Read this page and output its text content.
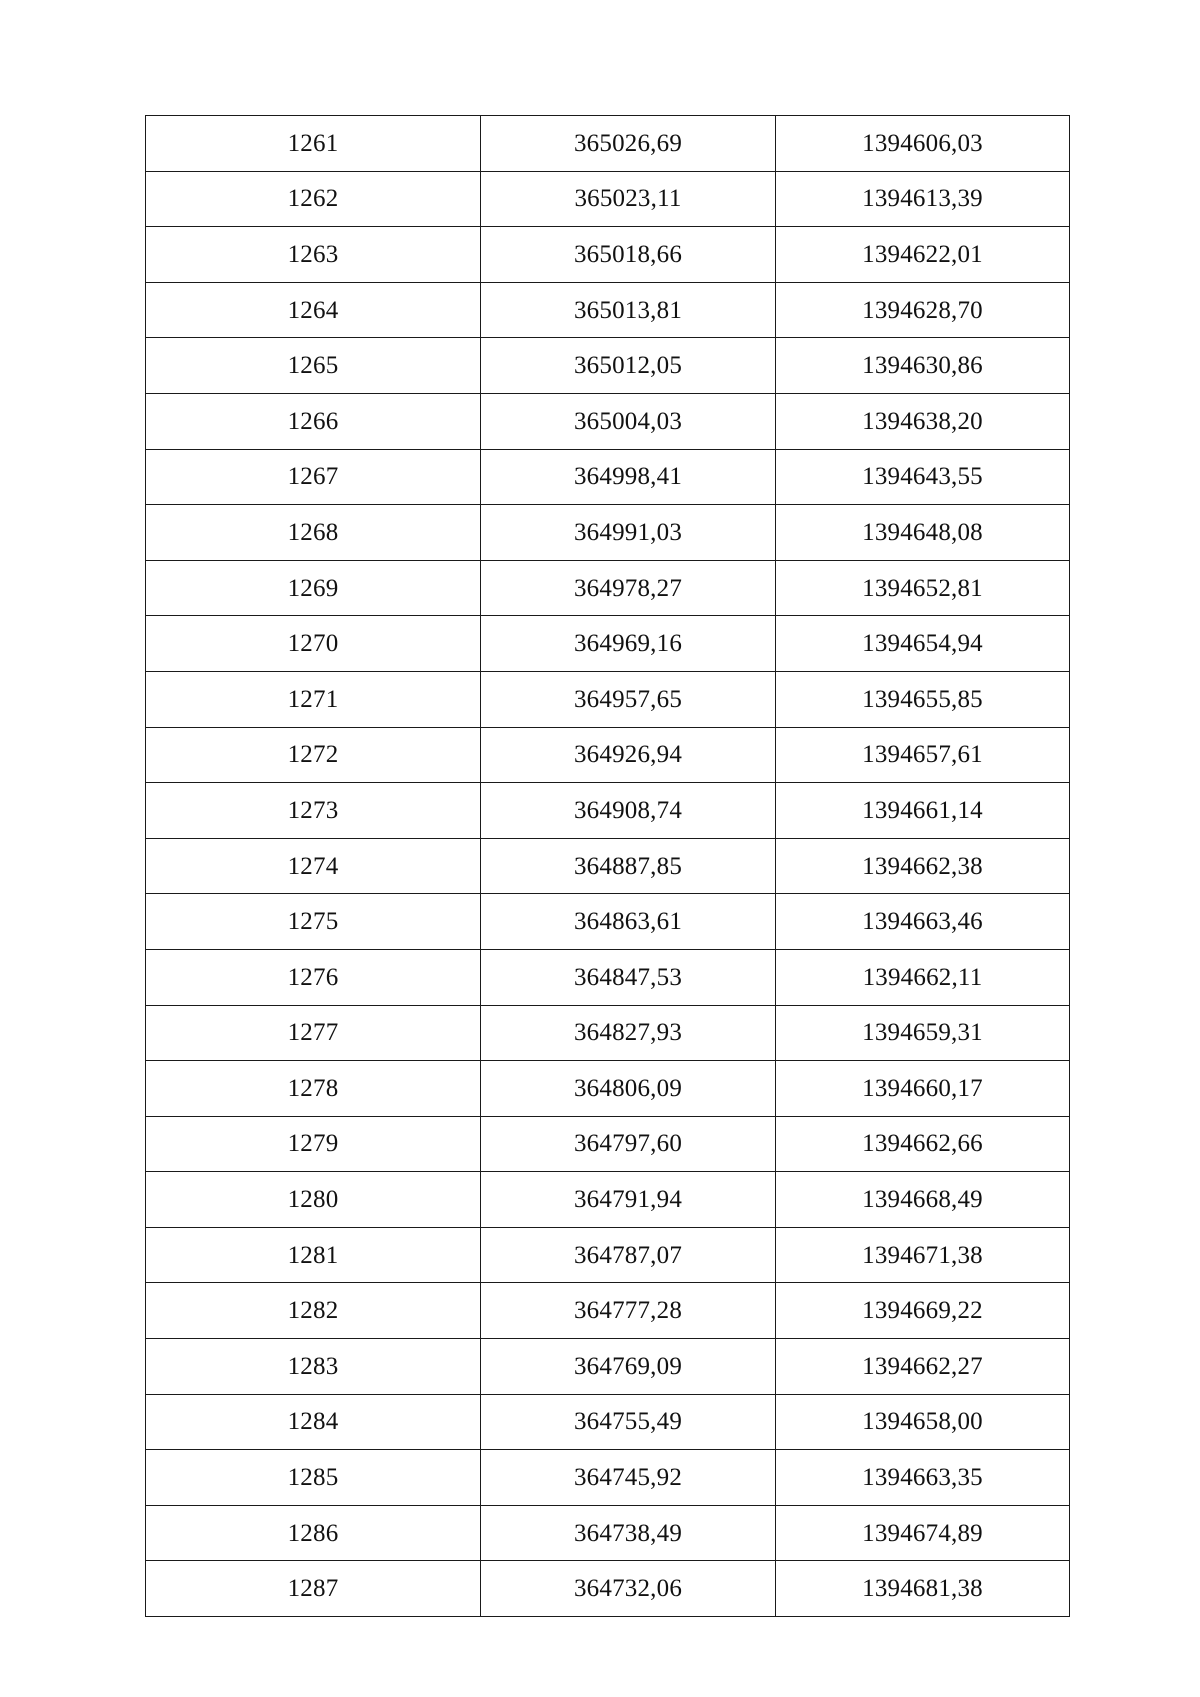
1261	365026,69	1394606,03
1262	365023,11	1394613,39
1263	365018,66	1394622,01
1264	365013,81	1394628,70
1265	365012,05	1394630,86
1266	365004,03	1394638,20
1267	364998,41	1394643,55
1268	364991,03	1394648,08
1269	364978,27	1394652,81
1270	364969,16	1394654,94
1271	364957,65	1394655,85
1272	364926,94	1394657,61
1273	364908,74	1394661,14
1274	364887,85	1394662,38
1275	364863,61	1394663,46
1276	364847,53	1394662,11
1277	364827,93	1394659,31
1278	364806,09	1394660,17
1279	364797,60	1394662,66
1280	364791,94	1394668,49
1281	364787,07	1394671,38
1282	364777,28	1394669,22
1283	364769,09	1394662,27
1284	364755,49	1394658,00
1285	364745,92	1394663,35
1286	364738,49	1394674,89
1287	364732,06	1394681,38
